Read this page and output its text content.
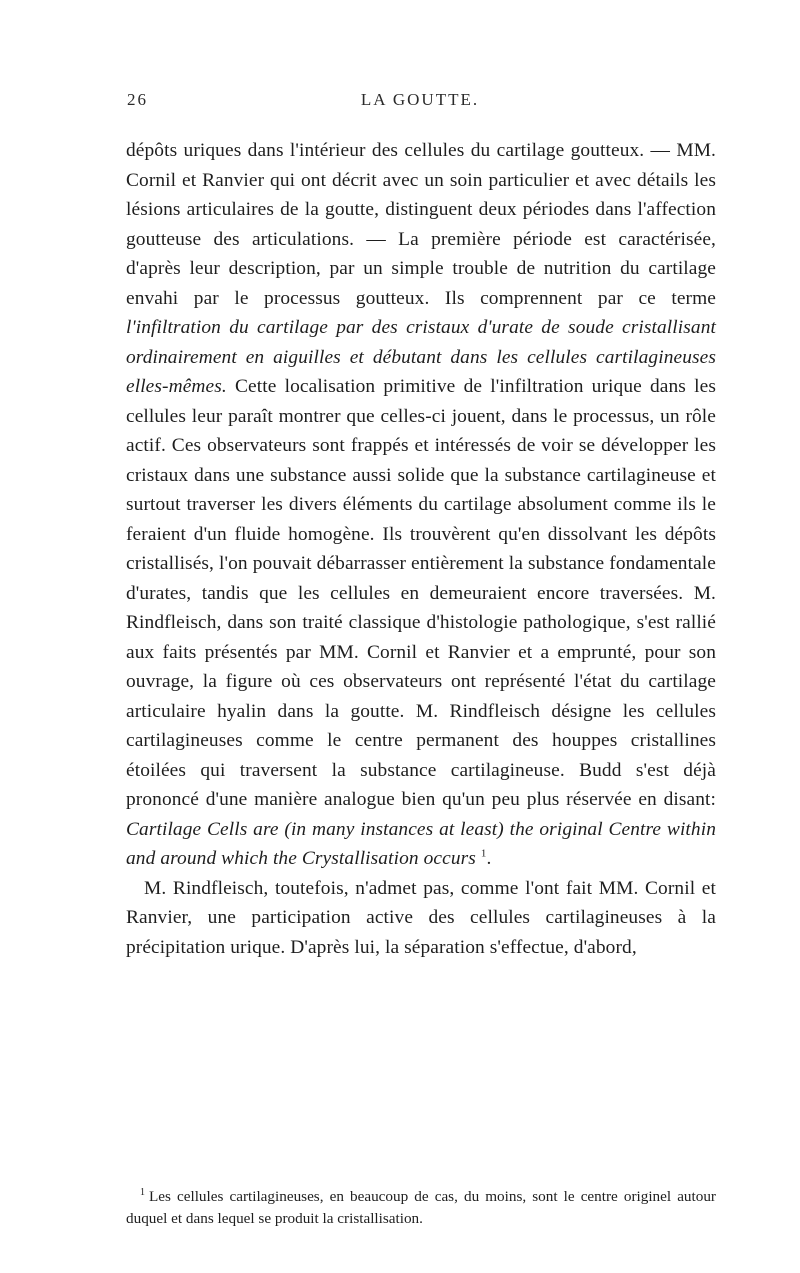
26	LA GOUTTE.

dépôts uriques dans l'intérieur des cellules du cartilage goutteux. — MM. Cornil et Ranvier qui ont décrit avec un soin particulier et avec détails les lésions articulaires de la goutte, distinguent deux périodes dans l'affection goutteuse des articulations. — La première période est caractérisée, d'après leur description, par un simple trouble de nutrition du cartilage envahi par le processus goutteux. Ils comprennent par ce terme l'infiltration du cartilage par des cristaux d'urate de soude cristallisant ordinairement en aiguilles et débutant dans les cellules cartilagineuses elles-mêmes. Cette localisation primitive de l'infiltration urique dans les cellules leur paraît montrer que celles-ci jouent, dans le processus, un rôle actif. Ces observateurs sont frappés et intéressés de voir se développer les cristaux dans une substance aussi solide que la substance cartilagineuse et surtout traverser les divers éléments du cartilage absolument comme ils le feraient d'un fluide homogène. Ils trouvèrent qu'en dissolvant les dépôts cristallisés, l'on pouvait débarrasser entièrement la substance fondamentale d'urates, tandis que les cellules en demeuraient encore traversées. M. Rindfleisch, dans son traité classique d'histologie pathologique, s'est rallié aux faits présentés par MM. Cornil et Ranvier et a emprunté, pour son ouvrage, la figure où ces observateurs ont représenté l'état du cartilage articulaire hyalin dans la goutte. M. Rindfleisch désigne les cellules cartilagineuses comme le centre permanent des houppes cristallines étoilées qui traversent la substance cartilagineuse. Budd s'est déjà prononcé d'une manière analogue bien qu'un peu plus réservée en disant: Cartilage Cells are (in many instances at least) the original Centre within and around which the Crystallisation occurs $^1$.

M. Rindfleisch, toutefois, n'admet pas, comme l'ont fait MM. Cornil et Ranvier, une participation active des cellules cartilagineuses à la précipitation urique. D'après lui, la séparation s'effectue, d'abord,

$^1$ Les cellules cartilagineuses, en beaucoup de cas, du moins, sont le centre originel autour duquel et dans lequel se produit la cristallisation.
